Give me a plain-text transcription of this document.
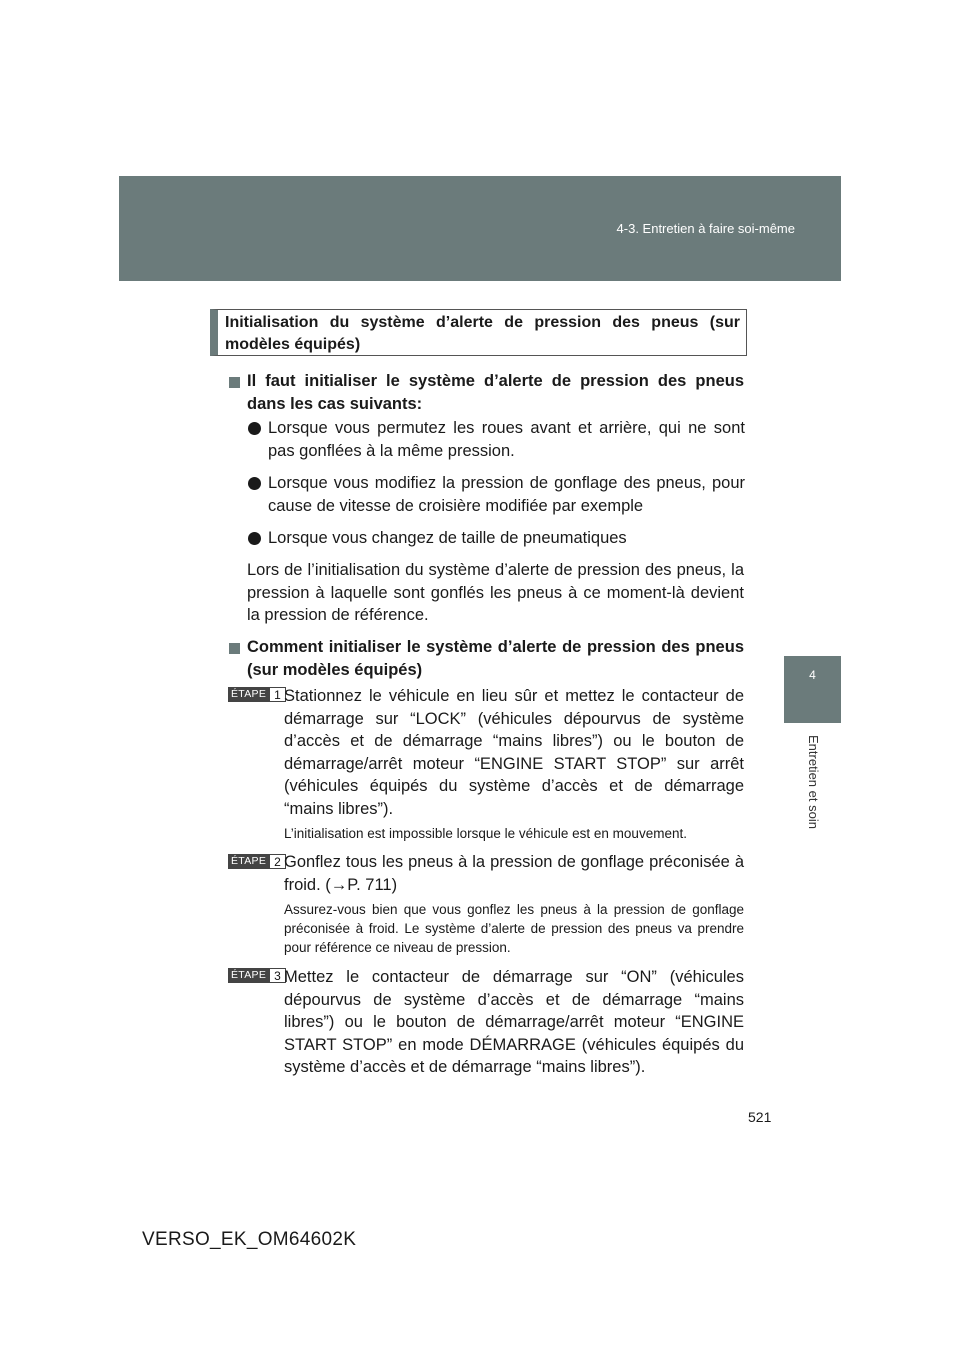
4-3. Entretien à faire soi-même
4
Entretien et soin
Initialisation du système d’alerte de pression des pneus (sur modèles équipés)
Il faut initialiser le système d’alerte de pression des pneus dans les cas suivants:
Lorsque vous permutez les roues avant et arrière, qui ne sont pas gonflées à la même pression.
Lorsque vous modifiez la pression de gonflage des pneus, pour cause de vitesse de croisière modifiée par exemple
Lorsque vous changez de taille de pneumatiques
Lors de l’initialisation du système d’alerte de pression des pneus, la pression à laquelle sont gonflés les pneus à ce moment-là devient la pression de référence.
Comment initialiser le système d’alerte de pression des pneus (sur modèles équipés)
ÉTAPE 1 Stationnez le véhicule en lieu sûr et mettez le contacteur de démarrage sur “LOCK” (véhicules dépourvus de système d’accès et de démarrage “mains libres”) ou le bouton de démarrage/arrêt moteur “ENGINE START STOP” sur arrêt (véhicules équipés du système d’accès et de démarrage “mains libres”).
L’initialisation est impossible lorsque le véhicule est en mouvement.
ÉTAPE 2 Gonflez tous les pneus à la pression de gonflage préconisée à froid. (→P. 711)
Assurez-vous bien que vous gonflez les pneus à la pression de gonflage préconisée à froid. Le système d’alerte de pression des pneus va prendre pour référence ce niveau de pression.
ÉTAPE 3 Mettez le contacteur de démarrage sur “ON” (véhicules dépourvus de système d’accès et de démarrage “mains libres”) ou le bouton de démarrage/arrêt moteur “ENGINE START STOP” en mode DÉMARRAGE (véhicules équipés du système d’accès et de démarrage “mains libres”).
521
VERSO_EK_OM64602K
